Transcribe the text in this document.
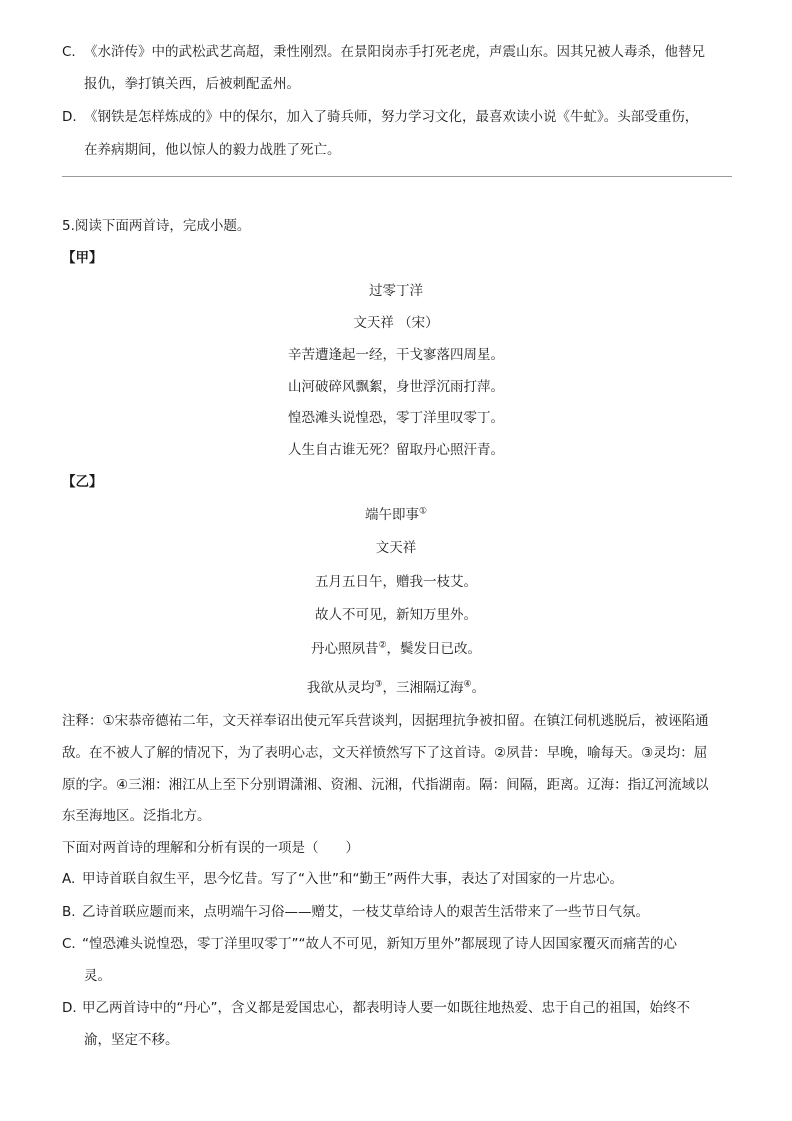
C. 《水浒传》中的武松武艺高超，秉性刚烈。在景阳岗赤手打死老虎，声震山东。因其兄被人毒杀，他替兄
报仇，拳打镇关西，后被刺配孟州。
D. 《钢铁是怎样炼成的》中的保尔，加入了骑兵师，努力学习文化，最喜欢读小说《牛虻》。头部受重伤，
在养病期间，他以惊人的毅力战胜了死亡。
5.阅读下面两首诗，完成小题。
【甲】
过零丁洋
文天祥 （宋）
辛苦遭逢起一经，干戈寥落四周星。
山河破碎风飘絮，身世浮沉雨打萍。
惶恐滩头说惶恐，零丁洋里叹零丁。
人生自古谁无死？留取丹心照汗青。
【乙】
端午即事①
文天祥
五月五日午，赠我一枝艾。
故人不可见，新知万里外。
丹心照夙昔②，鬓发日已改。
我欲从灵均③，三湘隔辽海④。
注释：①宋恭帝德祐二年，文天祥奉诏出使元军兵营谈判，因据理抗争被扣留。在镇江伺机逃脱后，被诬陷通
敌。在不被人了解的情况下，为了表明心志，文天祥愤然写下了这首诗。②夙昔：早晚，喻每天。③灵均：屈
原的字。④三湘：湘江从上至下分别谓潇湘、资湘、沅湘，代指湖南。隔：间隔，距离。辽海：指辽河流域以
东至海地区。泛指北方。
下面对两首诗的理解和分析有误的一项是（　　）
A. 甲诗首联自叙生平，思今忆昔。写了“入世”和“勤王”两件大事，表达了对国家的一片忠心。
B. 乙诗首联应题而来，点明端午习俗——赠艾，一枝艾草给诗人的艰苦生活带来了一些节日气氛。
C. “惶恐滩头说惶恐，零丁洋里叹零丁”“故人不可见，新知万里外”都展现了诗人因国家覆灭而痛苦的心
灵。
D. 甲乙两首诗中的“丹心”，含义都是爱国忠心，都表明诗人要一如既往地热爱、忠于自己的祖国，始终不
渝，坚定不移。
